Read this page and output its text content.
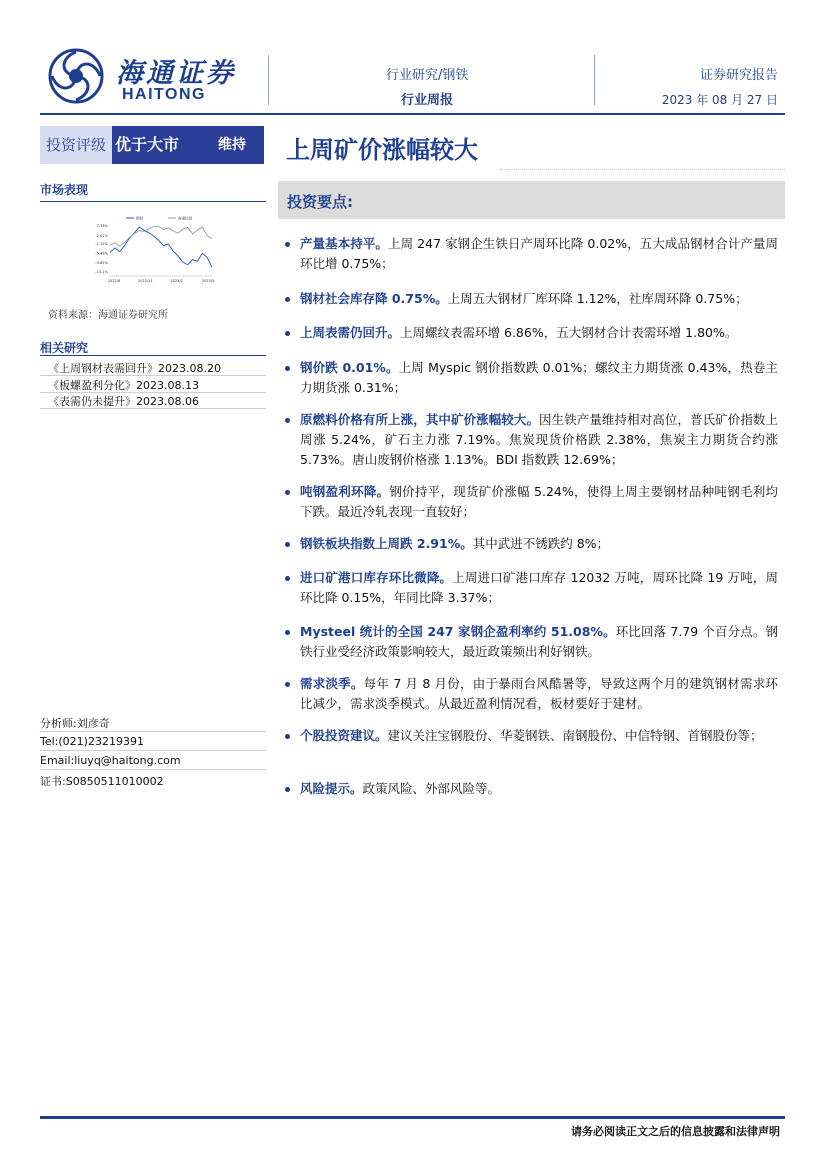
海通证券
HAITONG
行业研究/钢铁
行业周报
证券研究报告
2023 年 08 月 27 日
投资评级 优于大市	维持 上周矿价涨幅较大
市场表现
钢铁	海通综指
7.33%
2.61%
-1.12%
-5.49%
-9.85%
-14.1%
2022/8	2022/11	2023/2	2023/5
资料来源：海通证券研究所
相关研究
《上周钢材表需回升》2023.08.20
《板螺盈利分化》2023.08.13
《表需仍未提升》2023.08.06
分析师:刘彦奇
Tel:(021)23219391
Email:liuyq@haitong.com
证书:S0850511010002
投资要点:

产量基本持平。上周 247 家钢企生铁日产周环比降 0.02%，五大成品钢材合计产量周环比增 0.75%；

钢材社会库存降 0.75%。上周五大钢材厂库环降 1.12%，社库周环降 0.75%；

上周表需仍回升。上周螺纹表需环增 6.86%，五大钢材合计表需环增 1.80%。

钢价跌 0.01%。上周 Myspic 钢价指数跌 0.01%；螺纹主力期货涨 0.43%，热卷主力期货涨 0.31%；

原燃料价格有所上涨，其中矿价涨幅较大。因生铁产量维持相对高位，普氏矿价指数上周涨 5.24%，矿石主力涨 7.19%。焦炭现货价格跌 2.38%，焦炭主力期货合约涨 5.73%。唐山废钢价格涨 1.13%。BDI 指数跌 12.69%；

吨钢盈利环降。钢价持平，现货矿价涨幅 5.24%，使得上周主要钢材品种吨钢毛利均下跌。最近冷轧表现一直较好；

钢铁板块指数上周跌 2.91%。其中武进不锈跌约 8%；

进口矿港口库存环比微降。上周进口矿港口库存 12032 万吨，周环比降 19 万吨，周环比降 0.15%，年同比降 3.37%；

Mysteel 统计的全国 247 家钢企盈利率约 51.08%。环比回落 7.79 个百分点。钢铁行业受经济政策影响较大，最近政策频出利好钢铁。

需求淡季。每年 7 月 8 月份，由于暴雨台风酷暑等，导致这两个月的建筑钢材需求环比减少，需求淡季模式。从最近盈利情况看，板材要好于建材。

个股投资建议。建议关注宝钢股份、华菱钢铁、南钢股份、中信特钢、首钢股份等；

风险提示。政策风险、外部风险等。

请务必阅读正文之后的信息披露和法律声明
